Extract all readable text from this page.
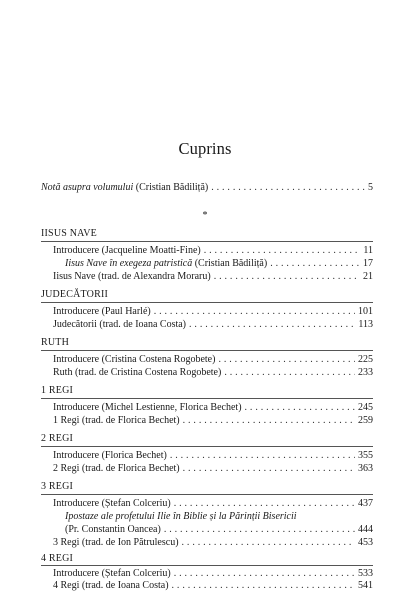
Cuprins
Notă asupra volumului (Cristian Bădiliță) . . .	5
*
IISUS NAVE
Introducere (Jacqueline Moatti-Fine) . . .	11
Iisus Nave în exegeza patristică (Cristian Bădiliță) . . .	17
Iisus Nave (trad. de Alexandra Moraru) . . .	21
JUDECĂTORII
Introducere (Paul Harlé) . . .	101
Judecătorii (trad. de Ioana Costa) . . .	113
RUTH
Introducere (Cristina Costena Rogobete) . . .	225
Ruth (trad. de Cristina Costena Rogobete) . . .	233
1 REGI
Introducere (Michel Lestienne, Florica Bechet) . . .	245
1 Regi (trad. de Florica Bechet) . . .	259
2 REGI
Introducere (Florica Bechet) . . .	355
2 Regi (trad. de Florica Bechet) . . .	363
3 REGI
Introducere (Ștefan Colceriu) . . .	437
Ipostaze ale profetului Ilie în Biblie și la Părinții Bisericii
(Pr. Constantin Oancea) . . .	444
3 Regi (trad. de Ion Pătrulescu) . . .	453
4 REGI
Introducere (Ștefan Colceriu) . . .	533
4 Regi (trad. de Ioana Costa) . . .	541
